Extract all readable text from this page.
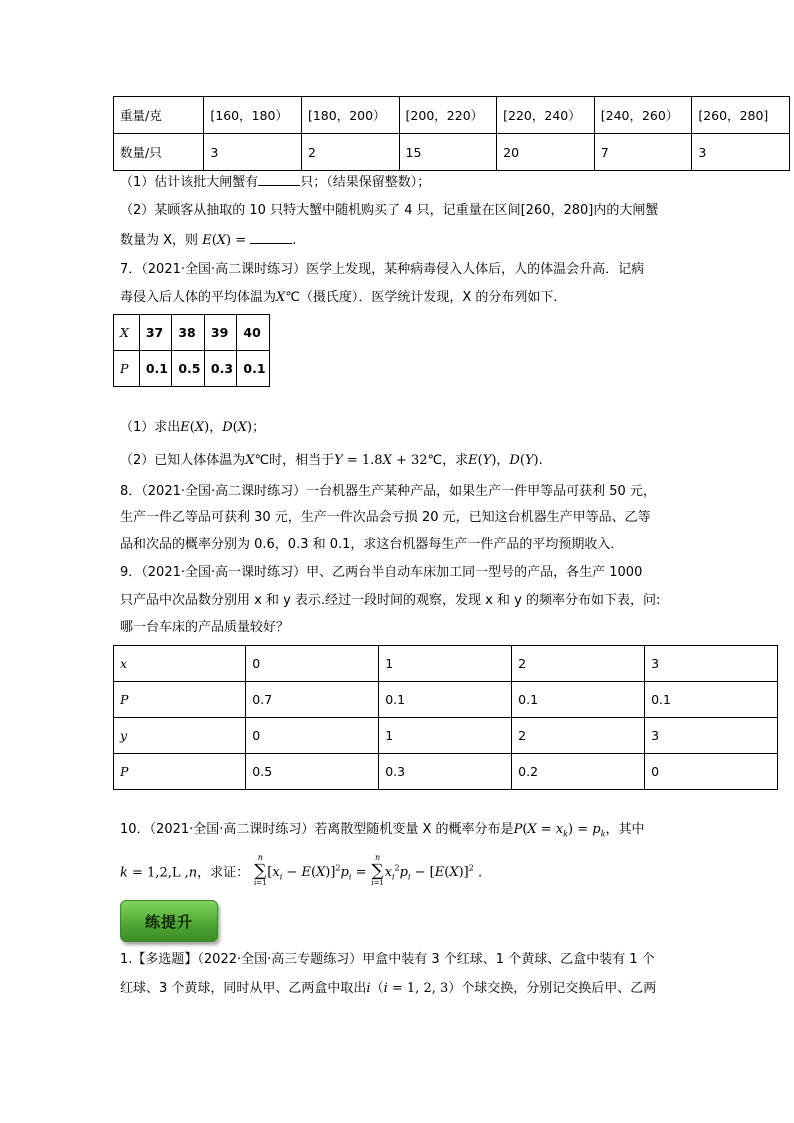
重量/克	[160，180）	[180，200）	[200，220）	[220，240）	[240，260）	[260，280]
数量/只	3	2	15	20	7	3
（1）估计该批大闸蟹有	只；（结果保留整数）；
（2）某顾客从抽取的 10 只特大蟹中随机购买了 4 只，记重量在区间[260，280]内的大闸蟹
数量为 X，则 E(X) =	.
7．（2021·全国·高二课时练习）医学上发现，某种病毒侵入人体后，人的体温会升高．记病
毒侵入后人体的平均体温为X℃（摄氏度）．医学统计发现，X 的分布列如下．
X	37	38	39	40
P	0.1	0.5	0.3	0.1
（1）求出E(X)，D(X)；
（2）已知人体体温为X℃时，相当于Y = 1.8X + 32℃，求E(Y)，D(Y).
8．（2021·全国·高二课时练习）一台机器生产某种产品，如果生产一件甲等品可获利 50 元，
生产一件乙等品可获利 30 元，生产一件次品会亏损 20 元，已知这台机器生产甲等品、乙等
品和次品的概率分别为 0.6，0.3 和 0.1，求这台机器每生产一件产品的平均预期收入．
9．（2021·全国·高一课时练习）甲、乙两台半自动车床加工同一型号的产品，各生产 1000
只产品中次品数分别用 x 和 y 表示.经过一段时间的观察，发现 x 和 y 的频率分布如下表，问:
哪一台车床的产品质量较好？
x	0	1	2	3
P	0.7	0.1	0.1	0.1
y	0	1	2	3
P	0.5	0.3	0.2	0
10．（2021·全国·高二课时练习）若离散型随机变量 X 的概率分布是$P(X = x_k) = p_k$，其中
k = 1,2,L ,n，求证：
n
∑
i=1
$[x_i - E(X)]^2p_i$ =
n
∑
i=1
$x_i^2p_i - [E(X)]^2$ .
练提升
1.【多选题】（2022·全国·高三专题练习）甲盒中装有 3 个红球、1 个黄球、乙盒中装有 1 个
红球、3 个黄球，同时从甲、乙两盒中取出i（i = 1, 2, 3）个球交换，分别记交换后甲、乙两
